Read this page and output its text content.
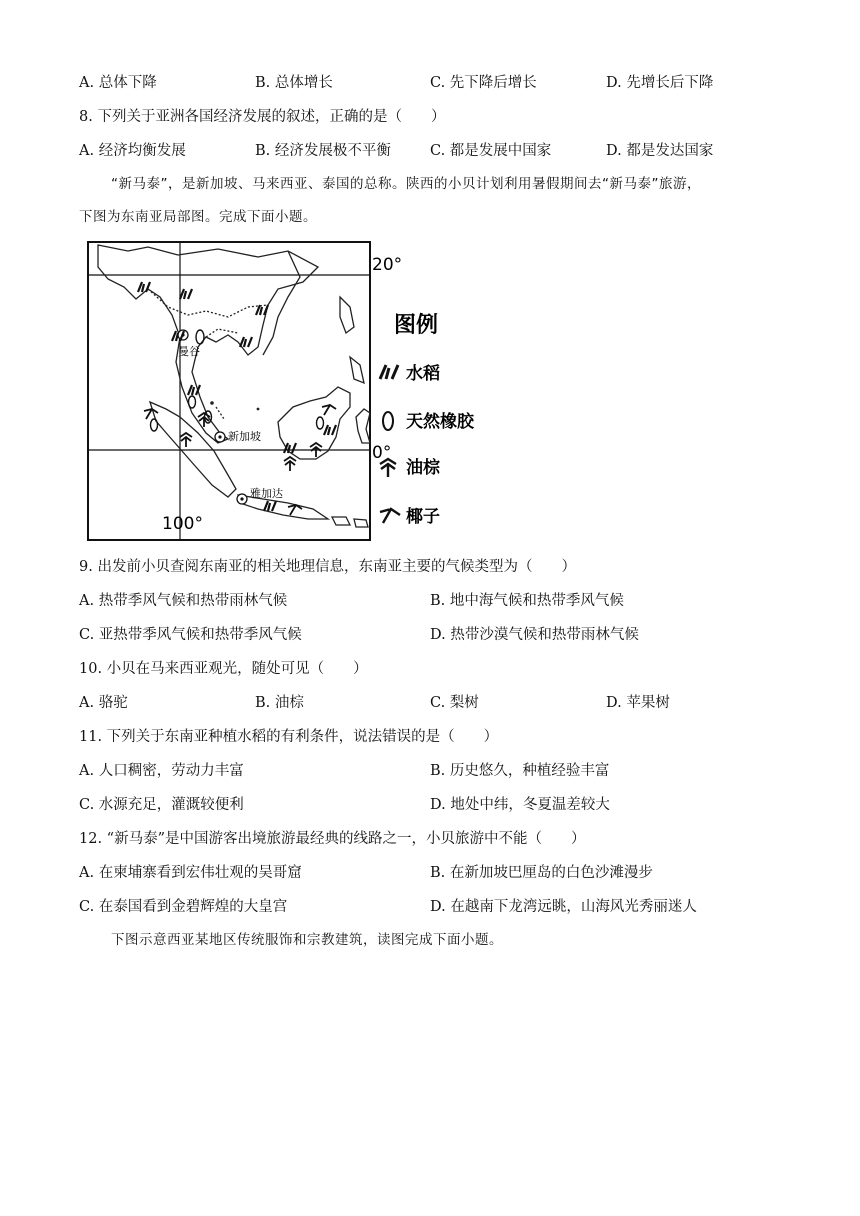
A. 总体下降	B. 总体增长	C. 先下降后增长	D. 先增长后下降
8. 下列关于亚洲各国经济发展的叙述，正确的是（　　）
A. 经济均衡发展	B. 经济发展极不平衡	C. 都是发展中国家	D. 都是发达国家
“新马泰”，是新加坡、马来西亚、泰国的总称。陕西的小贝计划利用暑假期间去“新马泰”旅游，
下图为东南亚局部图。完成下面小题。
20°
0°
100°
曼谷
新加坡
雅加达
图例
水稻
天然橡胶
油棕
椰子
9. 出发前小贝查阅东南亚的相关地理信息，东南亚主要的气候类型为（　　）
A. 热带季风气候和热带雨林气候	B. 地中海气候和热带季风气候
C. 亚热带季风气候和热带季风气候	D. 热带沙漠气候和热带雨林气候
10. 小贝在马来西亚观光，随处可见（　　）
A. 骆驼	B. 油棕	C. 梨树	D. 苹果树
11. 下列关于东南亚种植水稻的有利条件，说法错误的是（　　）
A. 人口稠密，劳动力丰富	B. 历史悠久，种植经验丰富
C. 水源充足，灌溉较便利	D. 地处中纬，冬夏温差较大
12. “新马泰”是中国游客出境旅游最经典的线路之一，小贝旅游中不能（　　）
A. 在柬埔寨看到宏伟壮观的吴哥窟	B. 在新加坡巴厘岛的白色沙滩漫步
C. 在泰国看到金碧辉煌的大皇宫	D. 在越南下龙湾远眺，山海风光秀丽迷人
下图示意西亚某地区传统服饰和宗教建筑，读图完成下面小题。
